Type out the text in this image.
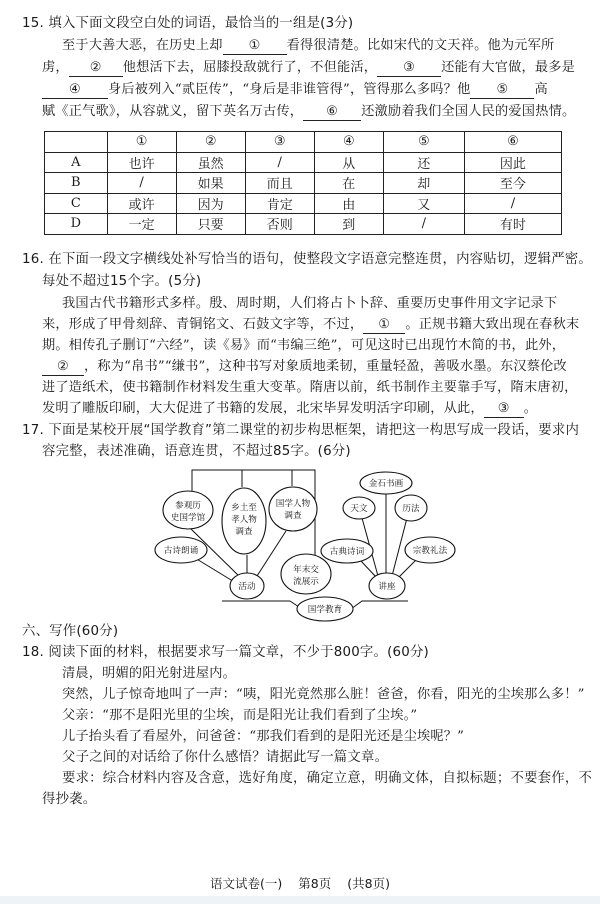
15. 填入下面文段空白处的词语，最恰当的一组是(3分)
至于大善大恶，在历史上却 ① 看得很清楚。比如宋代的文天祥。他为元军所
虏， ② 他想活下去，屈膝投敌就行了，不但能活， ③ 还能有大官做，最多是
④ 身后被列入“贰臣传”，“身后是非谁管得”，管得那么多吗？他 ⑤ 高
赋《正气歌》，从容就义，留下英名万古传， ⑥ 还激励着我们全国人民的爱国热情。
	①	②	③	④	⑤	⑥
A	也许	虽然	/	从	还	因此
B	/	如果	而且	在	却	至今
C	或许	因为	肯定	由	又	/
D	一定	只要	否则	到	/	有时
16. 在下面一段文字横线处补写恰当的语句，使整段文字语意完整连贯，内容贴切，逻辑严密。
每处不超过15个字。(5分)
我国古代书籍形式多样。殷、周时期，人们将占卜卜辞、重要历史事件用文字记录下
来，形成了甲骨刻辞、青铜铭文、石鼓文字等，不过， ① 。正规书籍大致出现在春秋末
期。相传孔子删订“六经”，读《易》而“韦编三绝”，可见这时已出现竹木简的书，此外，
② ，称为“帛书”“缣书”，这种书写对象质地柔韧，重量轻盈，善吸水墨。东汉蔡伦改
进了造纸术，使书籍制作材料发生重大变革。隋唐以前，纸书制作主要靠手写，隋末唐初，
发明了雕版印刷，大大促进了书籍的发展，北宋毕昇发明活字印刷，从此， ③ 。
17. 下面是某校开展“国学教育”第二课堂的初步构思框架，请把这一构思写成一段话，要求内
容完整，表述准确，语意连贯，不超过85字。(6分)
参观历
史国学馆
乡土至
孝人物
调查
国学人物
调查
古诗朗诵
活动
年末交
流展示
国学教育
金石书画
天文	历法
古典诗词	宗教礼法
讲座
六、写作(60分)
18. 阅读下面的材料，根据要求写一篇文章，不少于800字。(60分)
清晨，明媚的阳光射进屋内。
突然，儿子惊奇地叫了一声：“咦，阳光竟然那么脏！爸爸，你看，阳光的尘埃那么多！”
父亲：“那不是阳光里的尘埃，而是阳光让我们看到了尘埃。”
儿子抬头看了看屋外，问爸爸：“那我们看到的是阳光还是尘埃呢？”
父子之间的对话给了你什么感悟？请据此写一篇文章。
要求：综合材料内容及含意，选好角度，确定立意，明确文体，自拟标题；不要套作，不
得抄袭。
语文试卷(一) 第8页 (共8页)
